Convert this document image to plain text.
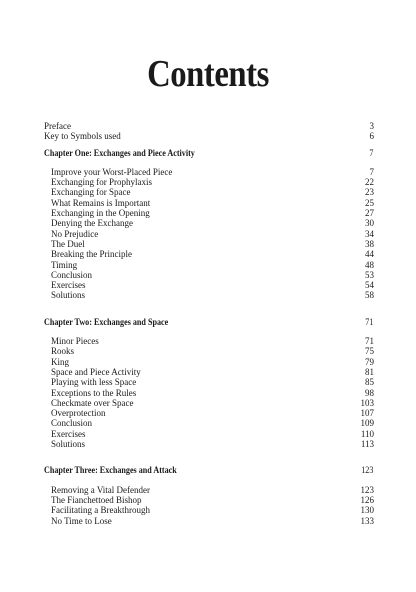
Contents
Preface	3
Key to Symbols used	6
Chapter One: Exchanges and Piece Activity	7
Improve your Worst-Placed Piece	7
Exchanging for Prophylaxis	22
Exchanging for Space	23
What Remains is Important	25
Exchanging in the Opening	27
Denying the Exchange	30
No Prejudice	34
The Duel	38
Breaking the Principle	44
Timing	48
Conclusion	53
Exercises	54
Solutions	58
Chapter Two: Exchanges and Space	71
Minor Pieces	71
Rooks	75
King	79
Space and Piece Activity	81
Playing with less Space	85
Exceptions to the Rules	98
Checkmate over Space	103
Overprotection	107
Conclusion	109
Exercises	110
Solutions	113
Chapter Three: Exchanges and Attack	123
Removing a Vital Defender	123
The Fianchettoed Bishop	126
Facilitating a Breakthrough	130
No Time to Lose	133
